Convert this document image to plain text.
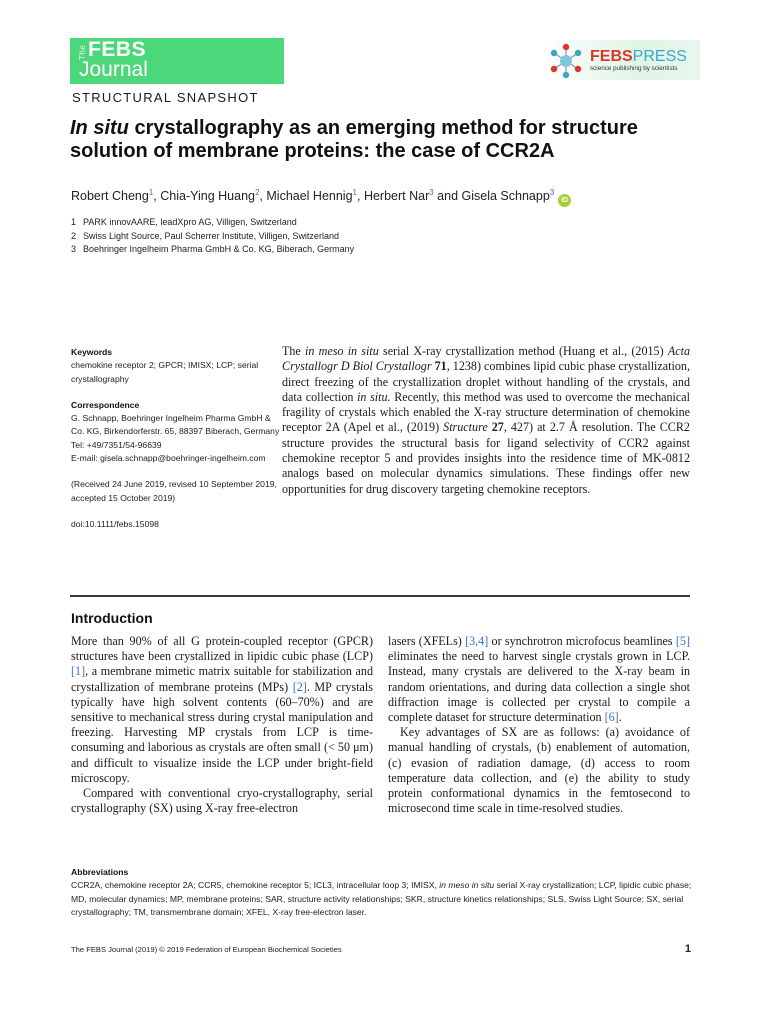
The FEBS
Journal
FEBSPRESS
science publishing by scientists
STRUCTURAL SNAPSHOT
In situ crystallography as an emerging method for structure solution of membrane proteins: the case of CCR2A
Robert Cheng$^1$, Chia-Ying Huang$^2$, Michael Hennig$^1$, Herbert Nar$^3$ and Gisela Schnapp$^3$iD
1 PARK innovAARE, leadXpro AG, Villigen, Switzerland
2 Swiss Light Source, Paul Scherrer Institute, Villigen, Switzerland
3 Boehringer Ingelheim Pharma GmbH & Co. KG, Biberach, Germany
Keywords
chemokine receptor 2; GPCR; IMISX; LCP; serial crystallography
Correspondence
G. Schnapp, Boehringer Ingelheim Pharma GmbH & Co. KG, Birkendorferstr. 65, 88397 Biberach, Germany
Tel: +49/7351/54-96639
E-mail: gisela.schnapp@boehringer-ingelheim.com
(Received 24 June 2019, revised 10 September 2019, accepted 15 October 2019)
doi:10.1111/febs.15098
The in meso in situ serial X-ray crystallization method (Huang et al., (2015) Acta Crystallogr D Biol Crystallogr 71, 1238) combines lipid cubic phase crystallization, direct freezing of the crystallization droplet without handling of the crystals, and data collection in situ. Recently, this method was used to overcome the mechanical fragility of crystals which enabled the X-ray structure determination of chemokine receptor 2A (Apel et al., (2019) Structure 27, 427) at 2.7 Å resolution. The CCR2 structure provides the structural basis for ligand selectivity of CCR2 against chemokine receptor 5 and provides insights into the residence time of MK-0812 analogs based on molecular dynamics simulations. These findings offer new opportunities for drug discovery targeting chemokine receptors.
Introduction

More than 90% of all G protein-coupled receptor (GPCR) structures have been crystallized in lipidic cubic phase (LCP) [1], a membrane mimetic matrix suitable for stabilization and crystallization of membrane proteins (MPs) [2]. MP crystals typically have high solvent contents (60–70%) and are sensitive to mechanical stress during crystal manipulation and freezing. Harvesting MP crystals from LCP is time-consuming and laborious as crystals are often small (< 50 μm) and difficult to visualize inside the LCP under bright-field microscopy.

Compared with conventional cryo-crystallography, serial crystallography (SX) using X-ray free-electron

lasers (XFELs) [3,4] or synchrotron microfocus beamlines [5] eliminates the need to harvest single crystals grown in LCP. Instead, many crystals are delivered to the X-ray beam in random orientations, and during data collection a single shot diffraction image is collected per crystal to compile a complete dataset for structure determination [6].

Key advantages of SX are as follows: (a) avoidance of manual handling of crystals, (b) enablement of automation, (c) evasion of radiation damage, (d) access to room temperature data collection, and (e) the ability to study protein conformational dynamics in the femtosecond to microsecond time scale in time-resolved studies.

Abbreviations
CCR2A, chemokine receptor 2A; CCR5, chemokine receptor 5; ICL3, intracellular loop 3; IMISX, in meso in situ serial X-ray crystallization; LCP, lipidic cubic phase; MD, molecular dynamics; MP, membrane proteins; SAR, structure activity relationships; SKR, structure kinetics relationships; SLS, Swiss Light Source; SX, serial crystallography; TM, transmembrane domain; XFEL, X-ray free-electron laser.
The FEBS Journal (2019) © 2019 Federation of European Biochemical Societies	1
